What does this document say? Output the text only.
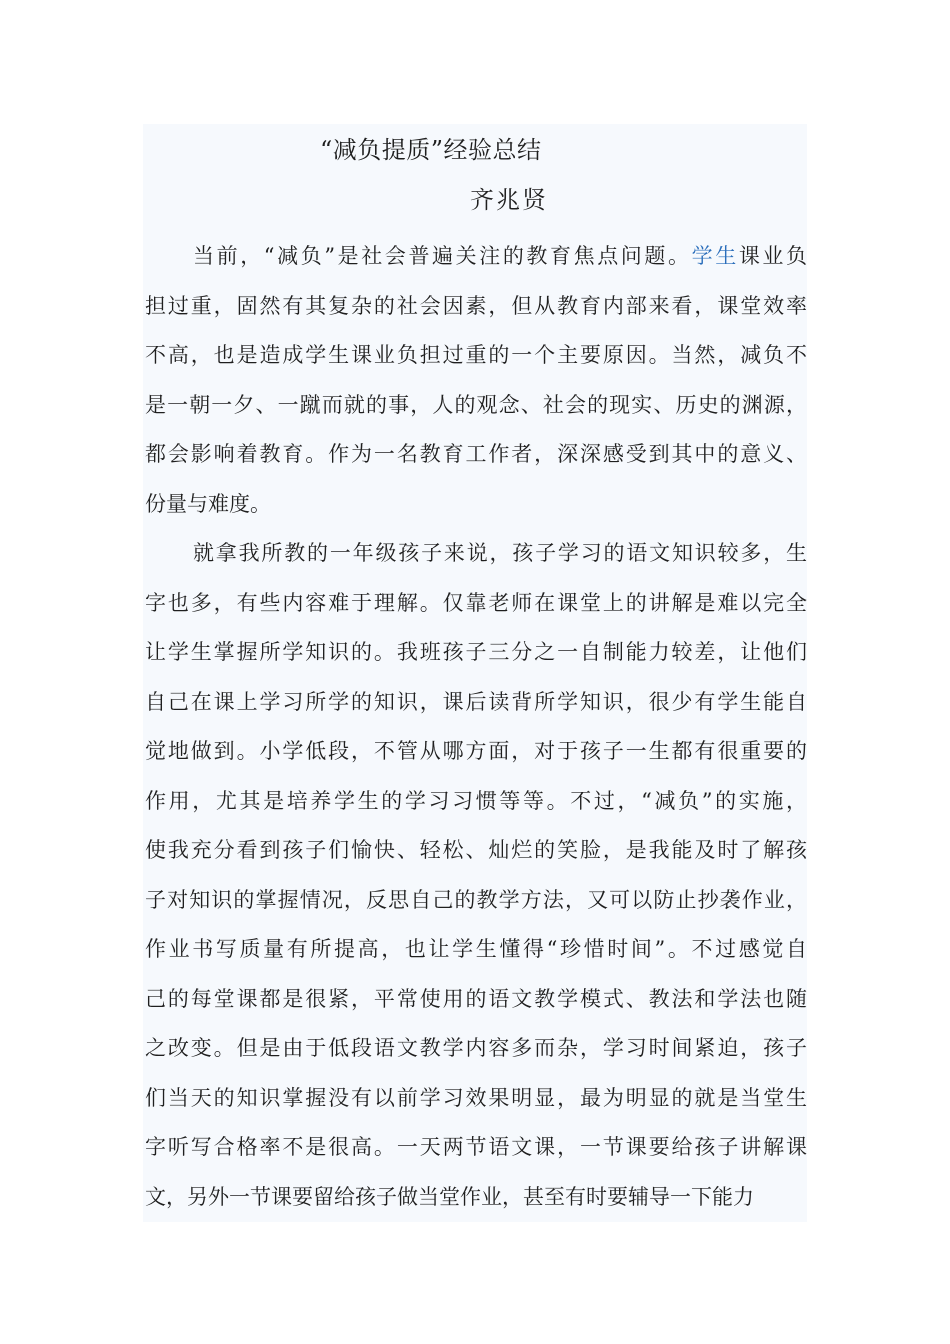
“减负提质”经验总结

齐兆贤

当前，“减负”是社会普遍关注的教育焦点问题。学生课业负
担过重，固然有其复杂的社会因素，但从教育内部来看，课堂效率
不高，也是造成学生课业负担过重的一个主要原因。当然，减负不
是一朝一夕、一蹴而就的事，人的观念、社会的现实、历史的渊源，
都会影响着教育。作为一名教育工作者，深深感受到其中的意义、
份量与难度。
就拿我所教的一年级孩子来说，孩子学习的语文知识较多，生
字也多，有些内容难于理解。仅靠老师在课堂上的讲解是难以完全
让学生掌握所学知识的。我班孩子三分之一自制能力较差，让他们
自己在课上学习所学的知识，课后读背所学知识，很少有学生能自
觉地做到。小学低段，不管从哪方面，对于孩子一生都有很重要的
作用，尤其是培养学生的学习习惯等等。不过，“减负”的实施，
使我充分看到孩子们愉快、轻松、灿烂的笑脸，是我能及时了解孩
子对知识的掌握情况，反思自己的教学方法，又可以防止抄袭作业，
作业书写质量有所提高，也让学生懂得“珍惜时间”。不过感觉自
己的每堂课都是很紧，平常使用的语文教学模式、教法和学法也随
之改变。但是由于低段语文教学内容多而杂，学习时间紧迫，孩子
们当天的知识掌握没有以前学习效果明显，最为明显的就是当堂生
字听写合格率不是很高。一天两节语文课，一节课要给孩子讲解课
文，另外一节课要留给孩子做当堂作业，甚至有时要辅导一下能力
